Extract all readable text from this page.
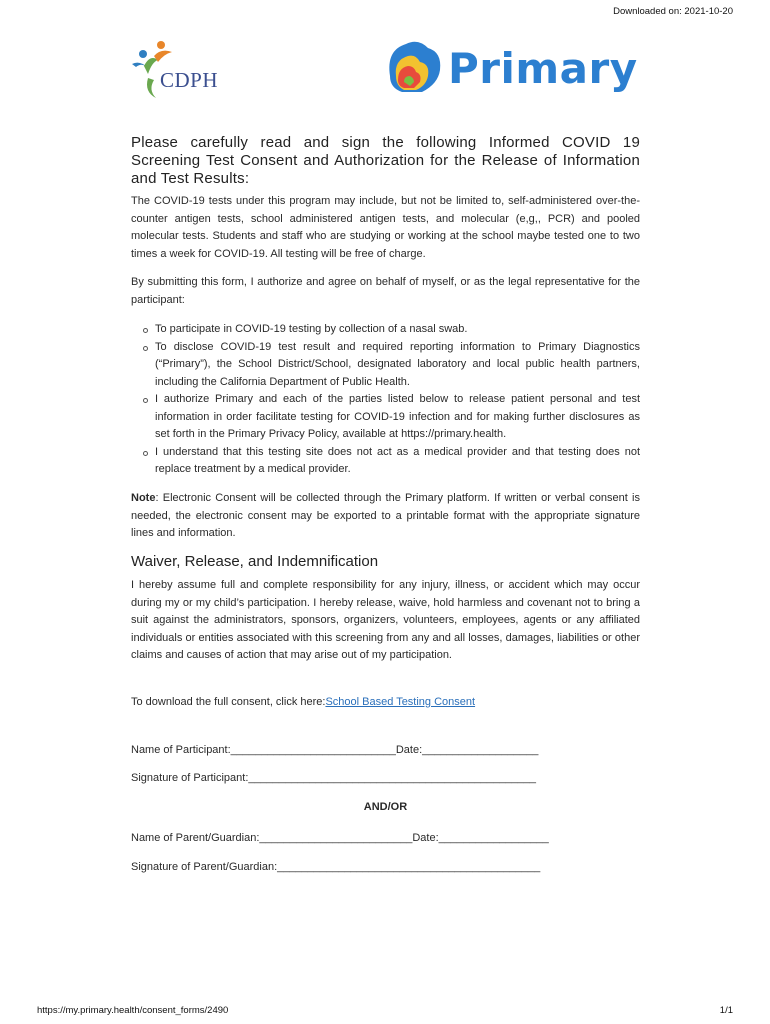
Downloaded on: 2021-10-20
CDPH	Primary
Please carefully read and sign the following Informed COVID 19 Screening Test Consent and Authorization for the Release of Information and Test Results:
The COVID-19 tests under this program may include, but not be limited to, self-administered over-the-counter antigen tests, school administered antigen tests, and molecular (e,g,, PCR) and pooled molecular tests. Students and staff who are studying or working at the school maybe tested one to two times a week for COVID-19. All testing will be free of charge.
By submitting this form, I authorize and agree on behalf of myself, or as the legal representative for the participant:
To participate in COVID-19 testing by collection of a nasal swab.
To disclose COVID-19 test result and required reporting information to Primary Diagnostics (“Primary”), the School District/School, designated laboratory and local public health partners, including the California Department of Public Health.
I authorize Primary and each of the parties listed below to release patient personal and test information in order facilitate testing for COVID-19 infection and for making further disclosures as set forth in the Primary Privacy Policy, available at https://primary.health.
I understand that this testing site does not act as a medical provider and that testing does not replace treatment by a medical provider.
Note: Electronic Consent will be collected through the Primary platform. If written or verbal consent is needed, the electronic consent may be exported to a printable format with the appropriate signature lines and information.
Waiver, Release, and Indemnification
I hereby assume full and complete responsibility for any injury, illness, or accident which may occur during my or my child’s participation. I hereby release, waive, hold harmless and covenant not to bring a suit against the administrators, sponsors, organizers, volunteers, employees, agents or any affiliated individuals or entities associated with this screening from any and all losses, damages, liabilities or other claims and causes of action that may arise out of my participation.
To download the full consent, click here:School Based Testing Consent
Name of Participant:___________________________Date:___________________
Signature of Participant:_______________________________________________
AND/OR
Name of Parent/Guardian:_________________________Date:__________________
Signature of Parent/Guardian:___________________________________________
https://my.primary.health/consent_forms/2490	1/1
